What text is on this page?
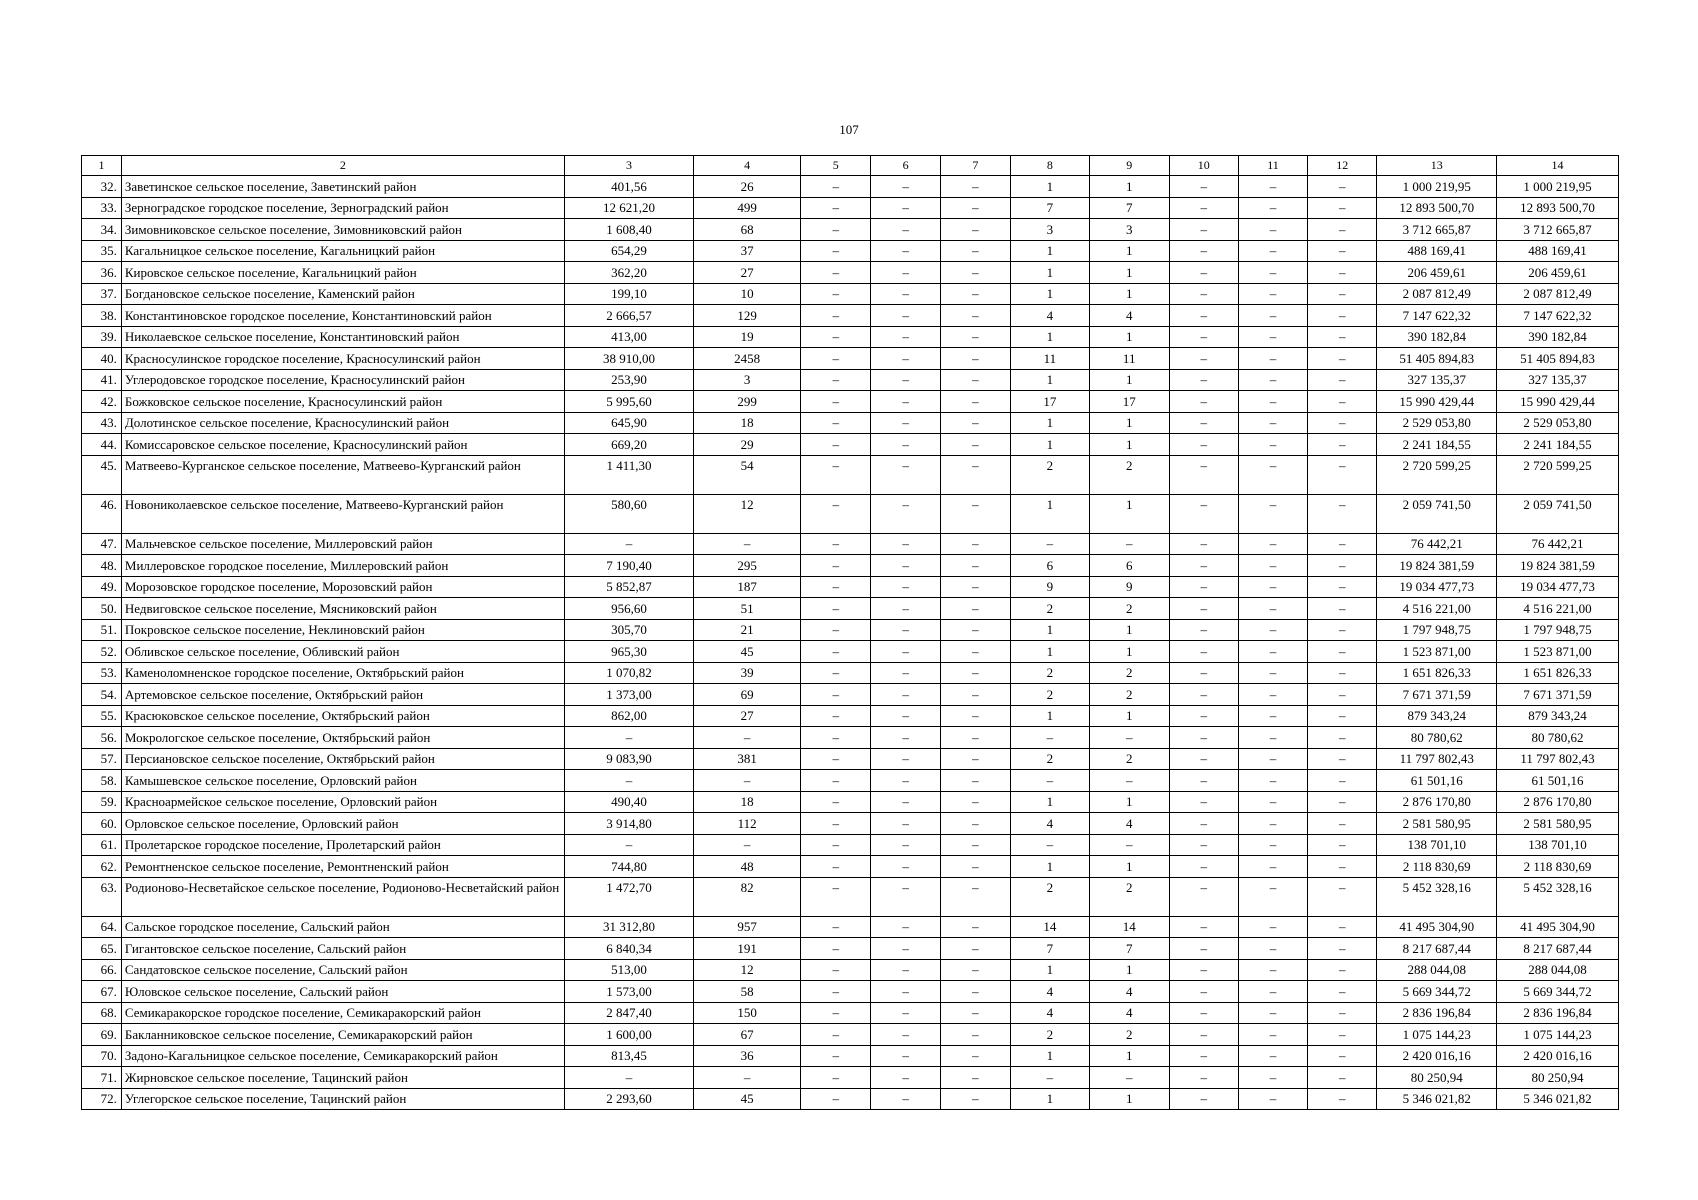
107
1	2	3	4	5	6	7	8	9	10	11	12	13	14
32.	Заветинское сельское поселение, Заветинский район	401,56	26	–	–	–	1	1	–	–	–	1 000 219,95	1 000 219,95
33.	Зерноградское городское поселение, Зерноградский район	12 621,20	499	–	–	–	7	7	–	–	–	12 893 500,70	12 893 500,70
34.	Зимовниковское сельское поселение, Зимовниковский район	1 608,40	68	–	–	–	3	3	–	–	–	3 712 665,87	3 712 665,87
35.	Кагальницкое сельское поселение, Кагальницкий район	654,29	37	–	–	–	1	1	–	–	–	488 169,41	488 169,41
36.	Кировское сельское поселение, Кагальницкий район	362,20	27	–	–	–	1	1	–	–	–	206 459,61	206 459,61
37.	Богдановское сельское поселение, Каменский район	199,10	10	–	–	–	1	1	–	–	–	2 087 812,49	2 087 812,49
38.	Константиновское городское поселение, Константиновский район	2 666,57	129	–	–	–	4	4	–	–	–	7 147 622,32	7 147 622,32
39.	Николаевское сельское поселение, Константиновский район	413,00	19	–	–	–	1	1	–	–	–	390 182,84	390 182,84
40.	Красносулинское городское поселение, Красносулинский район	38 910,00	2458	–	–	–	11	11	–	–	–	51 405 894,83	51 405 894,83
41.	Углеродовское городское поселение, Красносулинский район	253,90	3	–	–	–	1	1	–	–	–	327 135,37	327 135,37
42.	Божковское сельское поселение, Красносулинский район	5 995,60	299	–	–	–	17	17	–	–	–	15 990 429,44	15 990 429,44
43.	Долотинское сельское поселение, Красносулинский район	645,90	18	–	–	–	1	1	–	–	–	2 529 053,80	2 529 053,80
44.	Комиссаровское сельское поселение, Красносулинский район	669,20	29	–	–	–	1	1	–	–	–	2 241 184,55	2 241 184,55
45.	Матвеево-Курганское сельское поселение, Матвеево-Курганский район	1 411,30	54	–	–	–	2	2	–	–	–	2 720 599,25	2 720 599,25
46.	Новониколаевское сельское поселение, Матвеево-Курганский район	580,60	12	–	–	–	1	1	–	–	–	2 059 741,50	2 059 741,50
47.	Мальчевское сельское поселение, Миллеровский район	–	–	–	–	–	–	–	–	–	–	76 442,21	76 442,21
48.	Миллеровское городское поселение, Миллеровский район	7 190,40	295	–	–	–	6	6	–	–	–	19 824 381,59	19 824 381,59
49.	Морозовское городское поселение, Морозовский район	5 852,87	187	–	–	–	9	9	–	–	–	19 034 477,73	19 034 477,73
50.	Недвиговское сельское поселение, Мясниковский район	956,60	51	–	–	–	2	2	–	–	–	4 516 221,00	4 516 221,00
51.	Покровское сельское поселение, Неклиновский район	305,70	21	–	–	–	1	1	–	–	–	1 797 948,75	1 797 948,75
52.	Обливское сельское поселение, Обливский район	965,30	45	–	–	–	1	1	–	–	–	1 523 871,00	1 523 871,00
53.	Каменоломненское городское поселение, Октябрьский район	1 070,82	39	–	–	–	2	2	–	–	–	1 651 826,33	1 651 826,33
54.	Артемовское сельское поселение, Октябрьский район	1 373,00	69	–	–	–	2	2	–	–	–	7 671 371,59	7 671 371,59
55.	Красюковское сельское поселение, Октябрьский район	862,00	27	–	–	–	1	1	–	–	–	879 343,24	879 343,24
56.	Мокрологское сельское поселение, Октябрьский район	–	–	–	–	–	–	–	–	–	–	80 780,62	80 780,62
57.	Персиановское сельское поселение, Октябрьский район	9 083,90	381	–	–	–	2	2	–	–	–	11 797 802,43	11 797 802,43
58.	Камышевское сельское поселение, Орловский район	–	–	–	–	–	–	–	–	–	–	61 501,16	61 501,16
59.	Красноармейское сельское поселение, Орловский район	490,40	18	–	–	–	1	1	–	–	–	2 876 170,80	2 876 170,80
60.	Орловское сельское поселение, Орловский район	3 914,80	112	–	–	–	4	4	–	–	–	2 581 580,95	2 581 580,95
61.	Пролетарское городское поселение, Пролетарский район	–	–	–	–	–	–	–	–	–	–	138 701,10	138 701,10
62.	Ремонтненское сельское поселение, Ремонтненский район	744,80	48	–	–	–	1	1	–	–	–	2 118 830,69	2 118 830,69
63.	Родионово-Несветайское сельское поселение, Родионово-Несветайский район	1 472,70	82	–	–	–	2	2	–	–	–	5 452 328,16	5 452 328,16
64.	Сальское городское поселение, Сальский район	31 312,80	957	–	–	–	14	14	–	–	–	41 495 304,90	41 495 304,90
65.	Гигантовское сельское поселение, Сальский район	6 840,34	191	–	–	–	7	7	–	–	–	8 217 687,44	8 217 687,44
66.	Сандатовское сельское поселение, Сальский район	513,00	12	–	–	–	1	1	–	–	–	288 044,08	288 044,08
67.	Юловское сельское поселение, Сальский район	1 573,00	58	–	–	–	4	4	–	–	–	5 669 344,72	5 669 344,72
68.	Семикаракорское городское поселение, Семикаракорский район	2 847,40	150	–	–	–	4	4	–	–	–	2 836 196,84	2 836 196,84
69.	Бакланниковское сельское поселение, Семикаракорский район	1 600,00	67	–	–	–	2	2	–	–	–	1 075 144,23	1 075 144,23
70.	Задоно-Кагальницкое сельское поселение, Семикаракорский район	813,45	36	–	–	–	1	1	–	–	–	2 420 016,16	2 420 016,16
71.	Жирновское сельское поселение, Тацинский район	–	–	–	–	–	–	–	–	–	–	80 250,94	80 250,94
72.	Углегорское сельское поселение, Тацинский район	2 293,60	45	–	–	–	1	1	–	–	–	5 346 021,82	5 346 021,82
